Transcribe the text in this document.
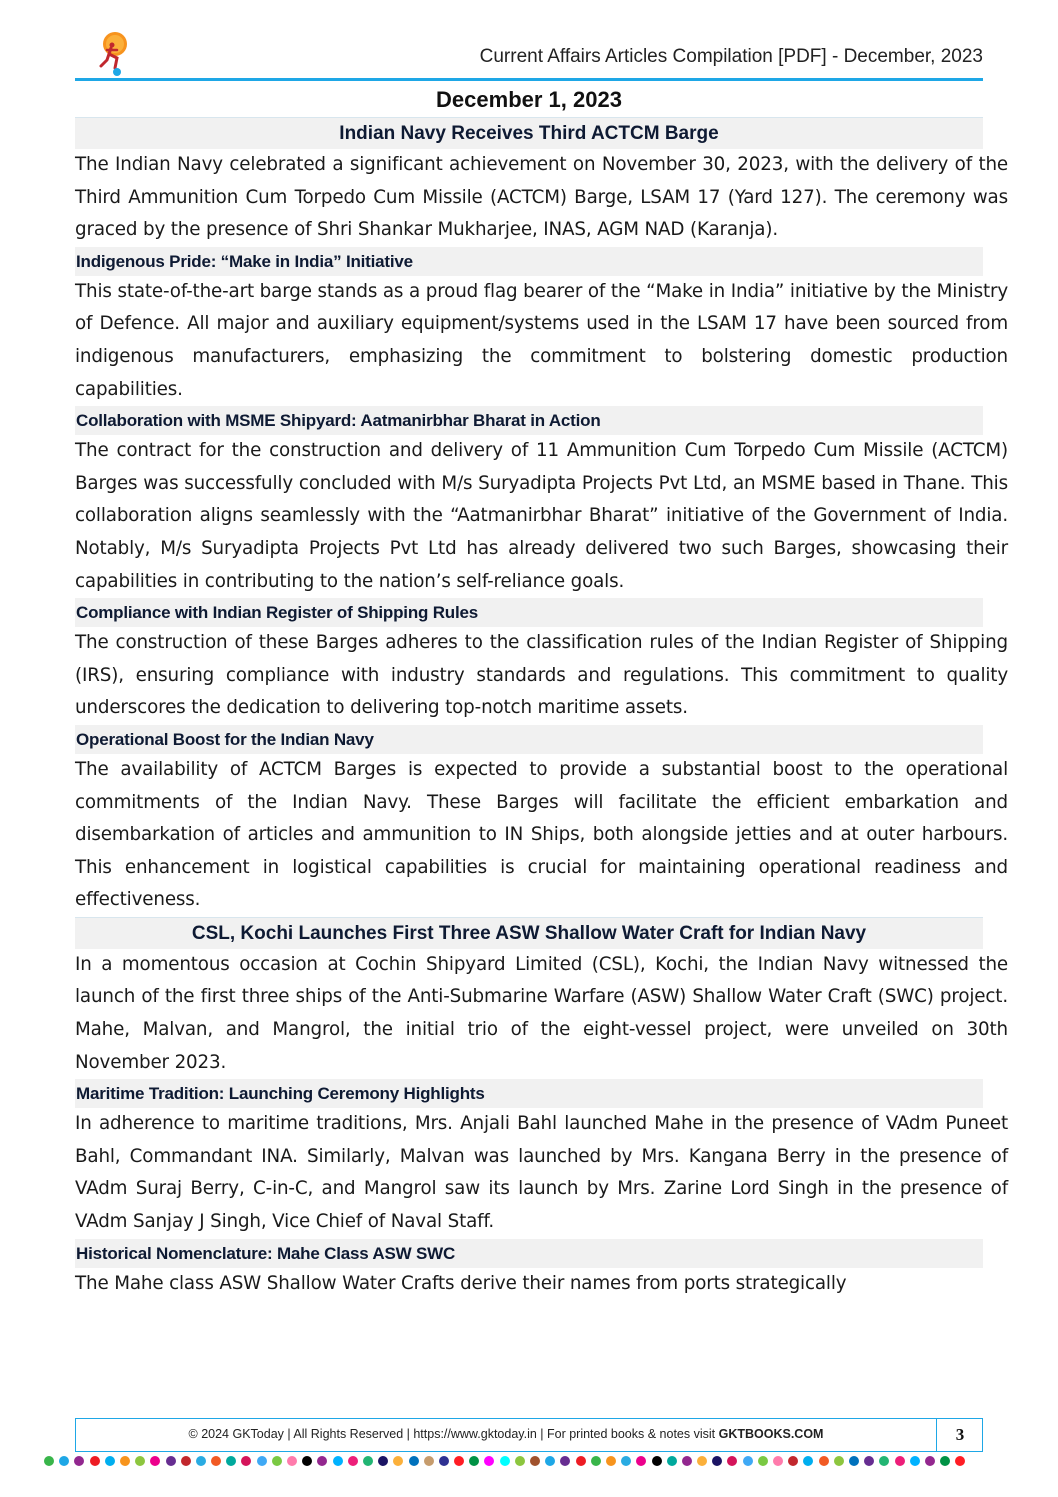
Current Affairs Articles Compilation [PDF] - December, 2023
December 1, 2023
Indian Navy Receives Third ACTCM Barge

The Indian Navy celebrated a significant achievement on November 30, 2023, with the delivery of the Third Ammunition Cum Torpedo Cum Missile (ACTCM) Barge, LSAM 17 (Yard 127). The ceremony was graced by the presence of Shri Shankar Mukharjee, INAS, AGM NAD (Karanja).

Indigenous Pride: “Make in India” Initiative

This state-of-the-art barge stands as a proud flag bearer of the “Make in India” initiative by the Ministry of Defence. All major and auxiliary equipment/systems used in the LSAM 17 have been sourced from indigenous manufacturers, emphasizing the commitment to bolstering domestic production capabilities.

Collaboration with MSME Shipyard: Aatmanirbhar Bharat in Action

The contract for the construction and delivery of 11 Ammunition Cum Torpedo Cum Missile (ACTCM) Barges was successfully concluded with M/s Suryadipta Projects Pvt Ltd, an MSME based in Thane. This collaboration aligns seamlessly with the “Aatmanirbhar Bharat” initiative of the Government of India. Notably, M/s Suryadipta Projects Pvt Ltd has already delivered two such Barges, showcasing their capabilities in contributing to the nation’s self-reliance goals.

Compliance with Indian Register of Shipping Rules

The construction of these Barges adheres to the classification rules of the Indian Register of Shipping (IRS), ensuring compliance with industry standards and regulations. This commitment to quality underscores the dedication to delivering top-notch maritime assets.

Operational Boost for the Indian Navy

The availability of ACTCM Barges is expected to provide a substantial boost to the operational commitments of the Indian Navy. These Barges will facilitate the efficient embarkation and disembarkation of articles and ammunition to IN Ships, both alongside jetties and at outer harbours. This enhancement in logistical capabilities is crucial for maintaining operational readiness and effectiveness.

CSL, Kochi Launches First Three ASW Shallow Water Craft for Indian Navy

In a momentous occasion at Cochin Shipyard Limited (CSL), Kochi, the Indian Navy witnessed the launch of the first three ships of the Anti-Submarine Warfare (ASW) Shallow Water Craft (SWC) project. Mahe, Malvan, and Mangrol, the initial trio of the eight-vessel project, were unveiled on 30th November 2023.

Maritime Tradition: Launching Ceremony Highlights

In adherence to maritime traditions, Mrs. Anjali Bahl launched Mahe in the presence of VAdm Puneet Bahl, Commandant INA. Similarly, Malvan was launched by Mrs. Kangana Berry in the presence of VAdm Suraj Berry, C-in-C, and Mangrol saw its launch by Mrs. Zarine Lord Singh in the presence of VAdm Sanjay J Singh, Vice Chief of Naval Staff.

Historical Nomenclature: Mahe Class ASW SWC

The Mahe class ASW Shallow Water Crafts derive their names from ports strategically

© 2024 GKToday | All Rights Reserved | https://www.gktoday.in | For printed books & notes visit GKTBOOKS.COM	3
